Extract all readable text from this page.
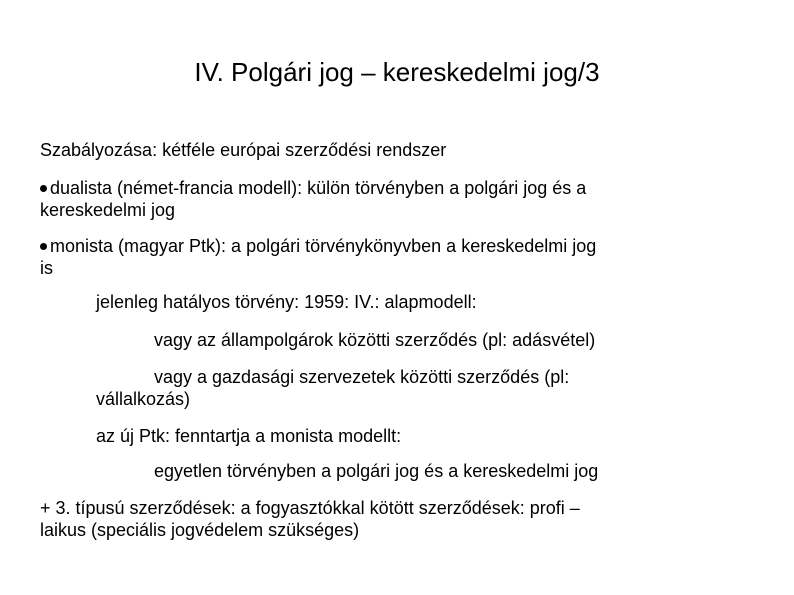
IV. Polgári jog – kereskedelmi jog/3
Szabályozása: kétféle európai szerződési rendszer
dualista (német-francia modell): külön törvényben a polgári jog és a
kereskedelmi jog
monista (magyar Ptk): a polgári törvénykönyvben a kereskedelmi jog
is
jelenleg hatályos törvény: 1959: IV.: alapmodell:
vagy az állampolgárok közötti szerződés (pl: adásvétel)
vagy a gazdasági szervezetek közötti szerződés (pl:
vállalkozás)
az új Ptk: fenntartja a monista modellt:
egyetlen törvényben a polgári jog és a kereskedelmi jog
+ 3. típusú szerződések: a fogyasztókkal kötött szerződések: profi –
laikus (speciális jogvédelem szükséges)
